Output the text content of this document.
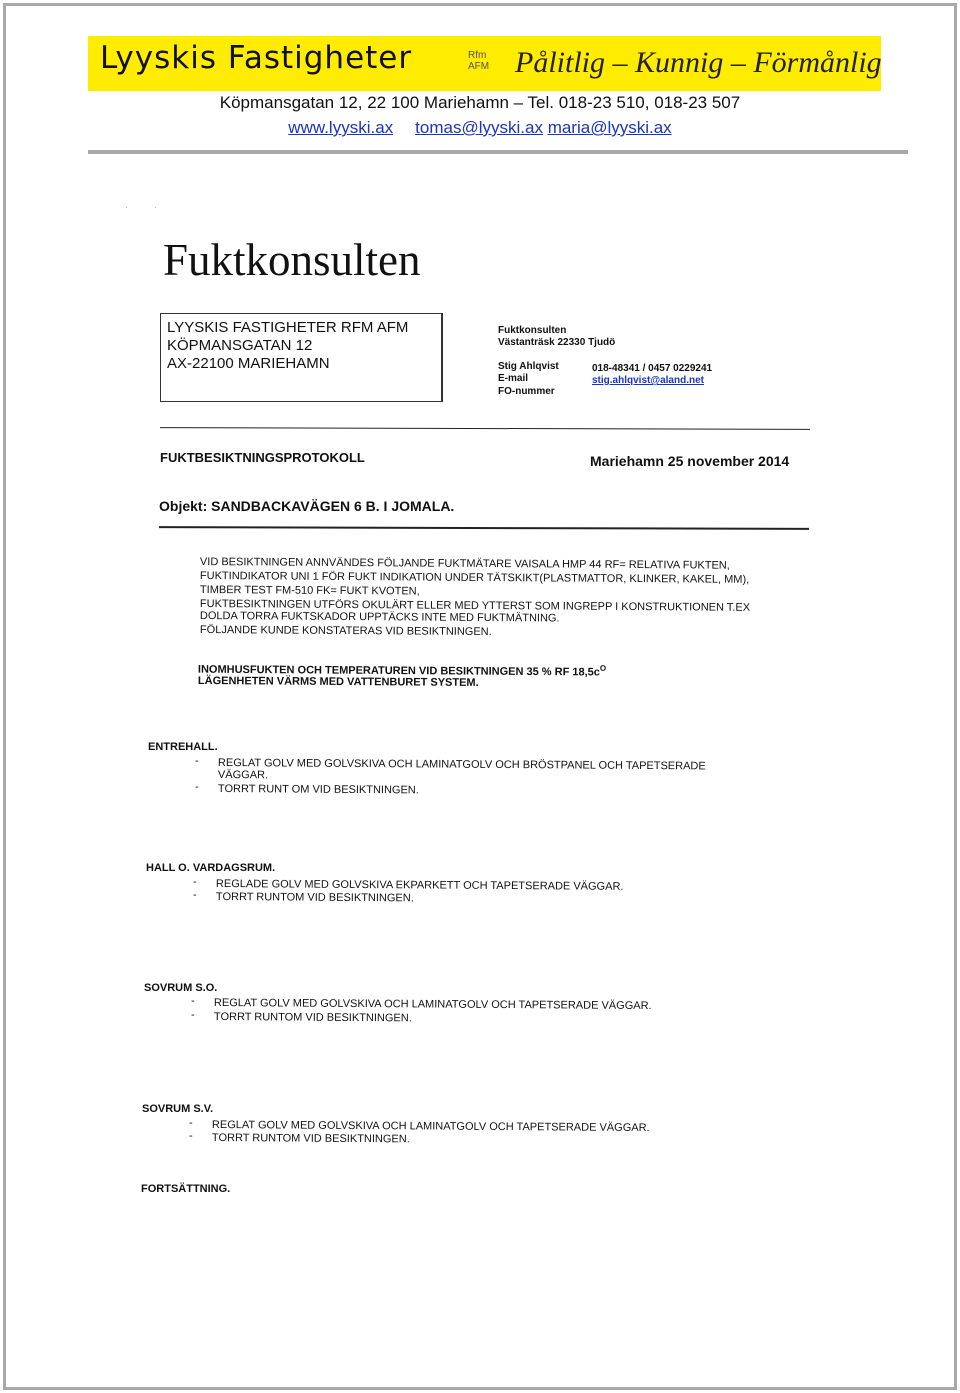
Lyyskis Fastigheter	Rfm
AFM Pålitlig – Kunnig – Förmånlig
Köpmansgatan 12, 22 100 Mariehamn – Tel. 018-23 510, 018-23 507
www.lyyski.ax tomas@lyyski.ax maria@lyyski.ax
·            ·
Fuktkonsulten
LYYSKIS FASTIGHETER RFM AFM
KÖPMANSGATAN 12
AX-22100 MARIEHAMN
Fuktkonsulten
Västanträsk 22330 Tjudö
Stig Ahlqvist	018-48341 / 0457 0229241
E-mail	stig.ahlqvist@aland.net
FO-nummer
FUKTBESIKTNINGSPROTOKOLL	Mariehamn 25 november 2014
Objekt: SANDBACKAVÄGEN 6 B. I JOMALA.
VID BESIKTNINGEN ANNVÄNDES FÖLJANDE FUKTMÄTARE VAISALA HMP 44 RF= RELATIVA FUKTEN,
FUKTINDIKATOR UNI 1 FÖR FUKT INDIKATION UNDER TÄTSKIKT(PLASTMATTOR, KLINKER, KAKEL, MM),
TIMBER TEST FM-510 FK= FUKT KVOTEN,
FUKTBESIKTNINGEN UTFÖRS OKULÄRT ELLER MED YTTERST SOM INGREPP I KONSTRUKTIONEN T.EX
DOLDA TORRA FUKTSKADOR UPPTÄCKS INTE MED FUKTMÄTNING.
FÖLJANDE KUNDE KONSTATERAS VID BESIKTNINGEN.
INOMHUSFUKTEN OCH TEMPERATUREN VID BESIKTNINGEN 35 % RF $18,5c^O$
LÄGENHETEN VÄRMS MED VATTENBURET SYSTEM.
ENTREHALL.
- REGLAT GOLV MED GOLVSKIVA OCH LAMINATGOLV OCH BRÖSTPANEL OCH TAPETSERADE
VÄGGAR.
- TORRT RUNT OM VID BESIKTNINGEN.
HALL O. VARDAGSRUM.
- REGLADE GOLV MED GOLVSKIVA EKPARKETT OCH TAPETSERADE VÄGGAR.
- TORRT RUNTOM VID BESIKTNINGEN.
SOVRUM S.O.
- REGLAT GOLV MED GOLVSKIVA OCH LAMINATGOLV OCH TAPETSERADE VÄGGAR.
- TORRT RUNTOM VID BESIKTNINGEN.
SOVRUM S.V.
- REGLAT GOLV MED GOLVSKIVA OCH LAMINATGOLV OCH TAPETSERADE VÄGGAR.
- TORRT RUNTOM VID BESIKTNINGEN.
FORTSÄTTNING.
